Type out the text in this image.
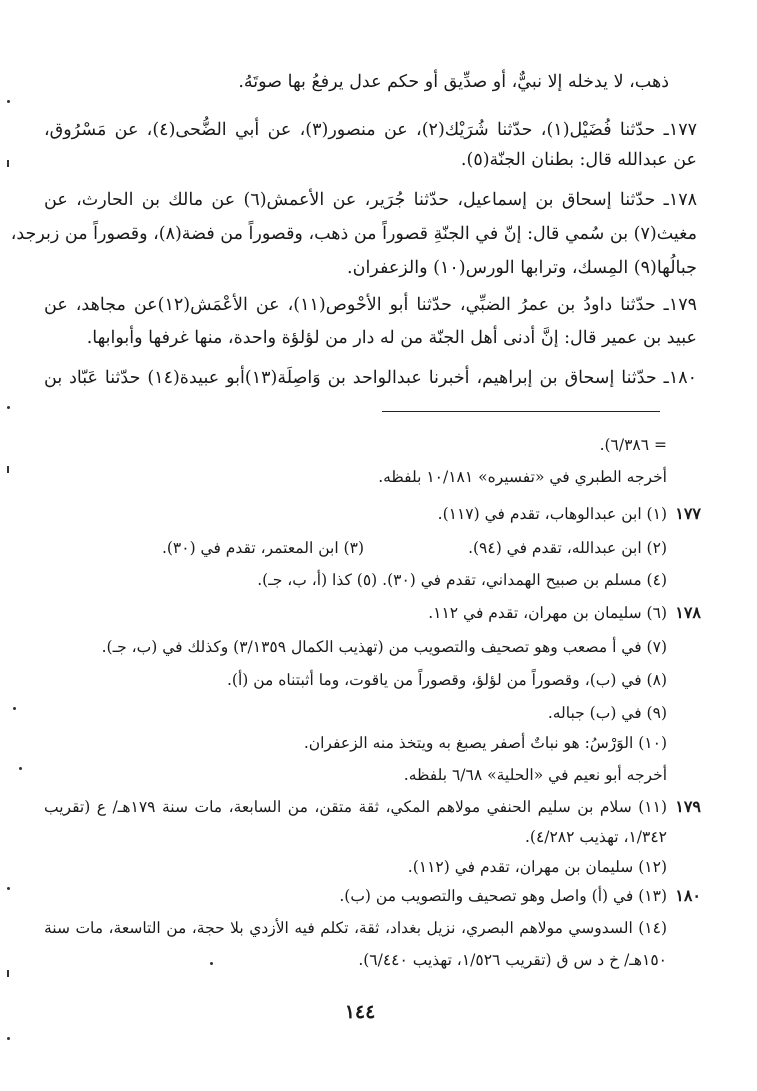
ذهب، لا يدخله إلا نبيٌّ، أو صدِّيق أو حكم عدل يرفعُ بها صوتَهُ.
١٧٧ـ حدّثنا فُضَيْل(١)، حدّثنا شُرَيْك(٢)، عن منصور(٣)، عن أبي الضُّحى(٤)، عن مَسْرُوق،
عن عبدالله قال: بطنان الجنّة(٥).
١٧٨ـ حدّثنا إسحاق بن إسماعيل، حدّثنا جُرَير، عن الأعمش(٦) عن مالك بن الحارث، عن
مغيث(٧) بن سُمي قال: إنّ في الجنّةِ قصوراً من ذهب، وقصوراً من فضة(٨)، وقصوراً من زبرجد،
جبالُها(٩) المِسك، وترابها الورس(١٠) والزعفران.
١٧٩ـ حدّثنا داودُ بن عمرُ الضبِّي، حدّثنا أبو الأحْوص(١١)، عن الأعْمَش(١٢)عن مجاهد، عن
عبيد بن عمير قال: إنَّ أدنى أهل الجنّة من له دار من لؤلؤة واحدة، منها غرفها وأبوابها.
١٨٠ـ حدّثنا إسحاق بن إبراهيم، أخبرنا عبدالواحد بن وَاصِلَة(١٣)أبو عبيدة(١٤) حدّثنا عَبّاد بن
= ٦/٣٨٦).
أخرجه الطبري في «تفسيره» ١٠/١٨١ بلفظه.
١٧٧
(١) ابن عبدالوهاب، تقدم في (١١٧).
(٢) ابن عبدالله، تقدم في (٩٤).
(٣) ابن المعتمر، تقدم في (٣٠).
(٤) مسلم بن صبيح الهمداني، تقدم في (٣٠). (٥) كذا (أ، ب، جـ).
١٧٨
(٦) سليمان بن مهران، تقدم في ١١٢.
(٧) في أ مصعب وهو تصحيف والتصويب من (تهذيب الكمال ٣/١٣٥٩) وكذلك في (ب، جـ).
(٨) في (ب)، وقصوراً من لؤلؤ، وقصوراً من ياقوت، وما أثبتناه من (أ).
(٩) في (ب) جباله.
(١٠) الوَرْسُ: هو نباتٌ أصفر يصبغ به ويتخذ منه الزعفران.
أخرجه أبو نعيم في «الحلية» ٦/٦٨ بلفظه.
١٧٩
(١١) سلام بن سليم الحنفي مولاهم المكي، ثقة متقن، من السابعة، مات سنة ١٧٩هـ/ ع (تقريب
١/٣٤٢، تهذيب ٤/٢٨٢).
(١٢) سليمان بن مهران، تقدم في (١١٢).
١٨٠
(١٣) في (أ) واصل وهو تصحيف والتصويب من (ب).
(١٤) السدوسي مولاهم البصري، نزيل بغداد، ثقة، تكلم فيه الأزدي بلا حجة، من التاسعة، مات سنة
١٥٠هـ/ خ د س ق (تقريب ١/٥٢٦، تهذيب ٦/٤٤٠).
١٤٤
